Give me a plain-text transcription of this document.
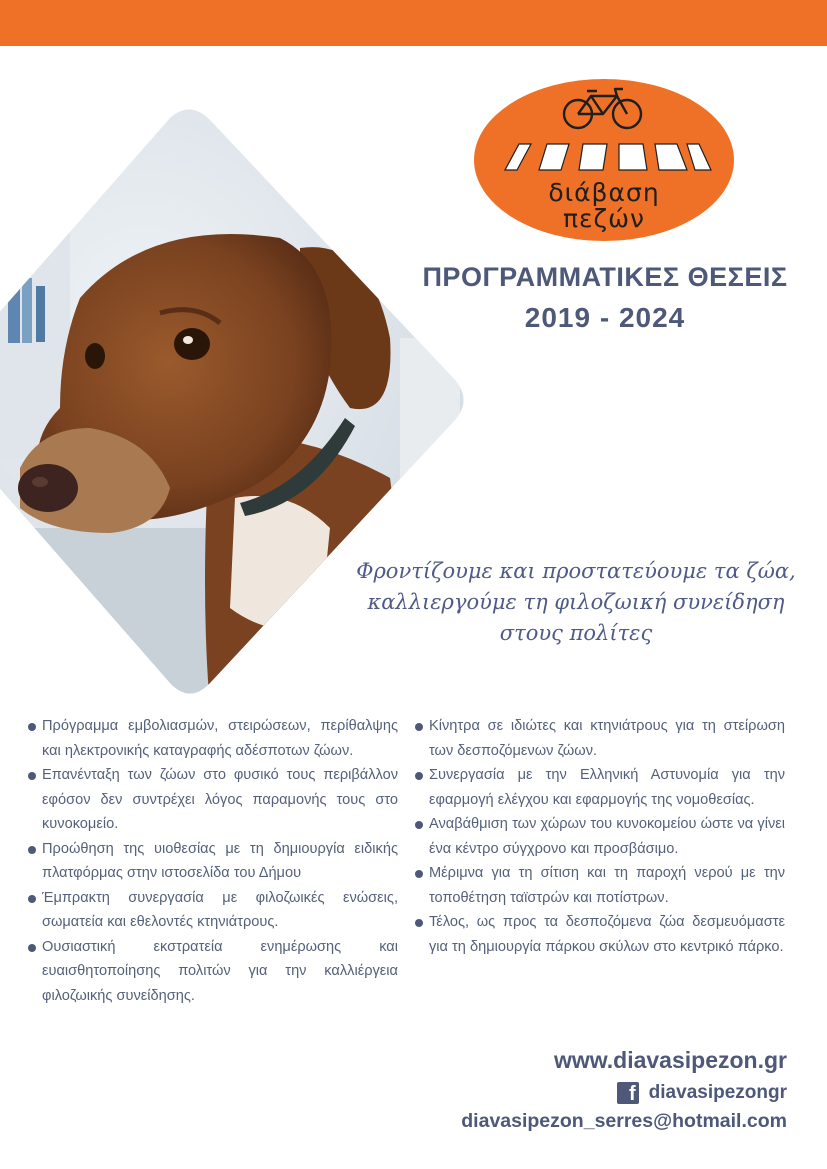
διάβαση
πεζών
ΠΡΟΓΡΑΜΜΑΤΙΚΕΣ ΘΕΣΕΙΣ
2019 - 2024
Φροντίζουμε και προστατεύουμε τα ζώα,
καλλιεργούμε τη φιλοζωική συνείδηση
στους πολίτες
Πρόγραμμα εμβολιασμών, στειρώσεων, περίθαλψης και ηλεκτρονικής καταγραφής αδέσποτων ζώων.
Επανένταξη των ζώων στο φυσικό τους περιβάλλον εφόσον δεν συντρέχει λόγος παραμονής τους στο κυνοκομείο.
Προώθηση της υιοθεσίας με τη δημιουργία ειδικής πλατφόρμας στην ιστοσελίδα του Δήμου
Έμπρακτη συνεργασία με φιλοζωικές ενώσεις, σωματεία και εθελοντές κτηνιάτρους.
Ουσιαστική εκστρατεία ενημέρωσης και ευαισθητοποίησης πολιτών για την καλλιέργεια φιλοζωικής συνείδησης.
Κίνητρα σε ιδιώτες και κτηνιάτρους για τη στείρωση των δεσποζόμενων ζώων.
Συνεργασία με την Ελληνική Αστυνομία για την εφαρμογή ελέγχου και εφαρμογής της νομοθεσίας.
Αναβάθμιση των χώρων του κυνοκομείου ώστε να γίνει ένα κέντρο σύγχρονο και προσβάσιμο.
Μέριμνα για τη σίτιση και τη παροχή νερού με την τοποθέτηση ταϊστρών και ποτίστρων.
Τέλος, ως προς τα δεσποζόμενα ζώα δεσμευόμαστε για τη δημιουργία πάρκου σκύλων στο κεντρικό πάρκο.
www.diavasipezon.gr
f diavasipezongr
diavasipezon_serres@hotmail.com
